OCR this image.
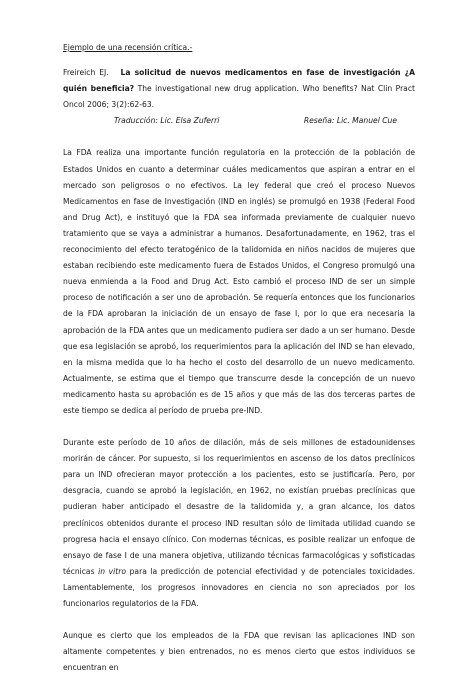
Ejemplo de una recensión crítica.-

Freireich EJ. La solicitud de nuevos medicamentos en fase de investigación ¿A quién beneficia? The investigational new drug application. Who benefits? Nat Clin Pract Oncol 2006; 3(2):62-63.

Traducción: Lic. Elsa Zuferri	Reseña: Lic. Manuel Cue

La FDA realiza una importante función regulatoria en la protección de la población de Estados Unidos en cuanto a determinar cuáles medicamentos que aspiran a entrar en el mercado son peligrosos o no efectivos. La ley federal que creó el proceso Nuevos Medicamentos en fase de Investigación (IND en inglés) se promulgó en 1938 (Federal Food and Drug Act), e instituyó que la FDA sea informada previamente de cualquier nuevo tratamiento que se vaya a administrar a humanos. Desafortunadamente, en 1962, tras el reconocimiento del efecto teratogénico de la talidomida en niños nacidos de mujeres que estaban recibiendo este medicamento fuera de Estados Unidos, el Congreso promulgó una nueva enmienda a la Food and Drug Act. Esto cambió el proceso IND de ser un simple proceso de notificación a ser uno de aprobación. Se requería entonces que los funcionarios de la FDA aprobaran la iniciación de un ensayo de fase I, por lo que era necesaria la aprobación de la FDA antes que un medicamento pudiera ser dado a un ser humano. Desde que esa legislación se aprobó, los requerimientos para la aplicación del IND se han elevado, en la misma medida que lo ha hecho el costo del desarrollo de un nuevo medicamento. Actualmente, se estima que el tiempo que transcurre desde la concepción de un nuevo medicamento hasta su aprobación es de 15 años y que más de las dos terceras partes de este tiempo se dedica al período de prueba pre-IND.

Durante este período de 10 años de dilación, más de seis millones de estadounidenses morirán de cáncer. Por supuesto, si los requerimientos en ascenso de los datos preclínicos para un IND ofrecieran mayor protección a los pacientes, esto se justificaría. Pero, por desgracia, cuando se aprobó la legislación, en 1962, no existían pruebas preclínicas que pudieran haber anticipado el desastre de la talidomida y, a gran alcance, los datos preclínicos obtenidos durante el proceso IND resultan sólo de limitada utilidad cuando se progresa hacia el ensayo clínico. Con modernas técnicas, es posible realizar un enfoque de ensayo de fase I de una manera objetiva, utilizando técnicas farmacológicas y sofisticadas técnicas in vitro para la predicción de potencial efectividad y de potenciales toxicidades. Lamentablemente, los progresos innovadores en ciencia no son apreciados por los funcionarios regulatorios de la FDA.

Aunque es cierto que los empleados de la FDA que revisan las aplicaciones IND son altamente competentes y bien entrenados, no es menos cierto que estos individuos se encuentran en
